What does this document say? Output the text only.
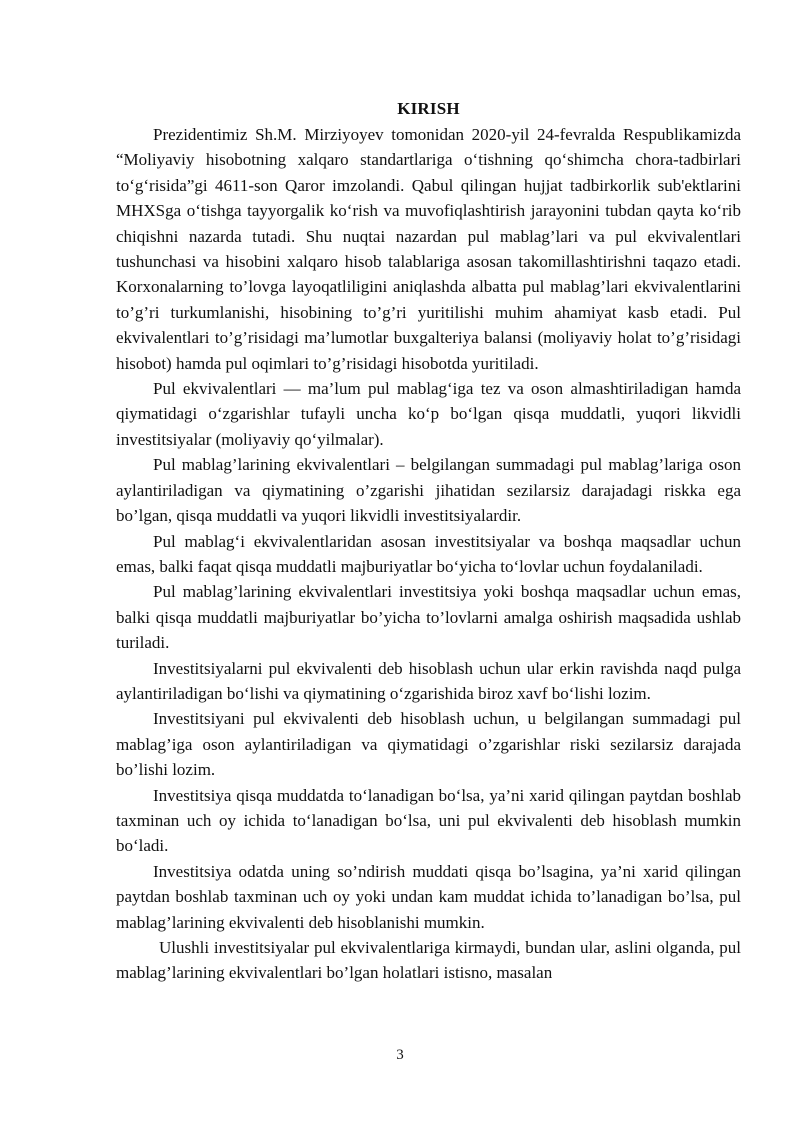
KIRISH

Prezidentimiz Sh.M. Mirziyoyev tomonidan 2020-yil 24-fevralda Respublikamizda “Moliyaviy hisobotning xalqaro standartlariga o‘tishning qo‘shimcha chora-tadbirlari to‘g‘risida”gi 4611-son Qaror imzolandi. Qabul qilingan hujjat tadbirkorlik sub'ektlarini MHXSga o‘tishga tayyorgalik ko‘rish va muvofiqlashtirish jarayonini tubdan qayta ko‘rib chiqishni nazarda tutadi. Shu nuqtai nazardan pul mablag’lari va pul ekvivalentlari tushunchasi va hisobini xalqaro hisob talablariga asosan takomillashtirishni taqazo etadi. Korxonalarning to’lovga layoqatliligini aniqlashda albatta pul mablag’lari ekvivalentlarini to’g’ri turkumlanishi, hisobining to’g’ri yuritilishi muhim ahamiyat kasb etadi. Pul ekvivalentlari to’g’risidagi ma’lumotlar buxgalteriya balansi (moliyaviy holat to’g’risidagi hisobot) hamda pul oqimlari to’g’risidagi hisobotda yuritiladi.

Pul ekvivalentlari — ma’lum pul mablag‘iga tez va oson almashtiriladigan hamda qiymatidagi o‘zgarishlar tufayli uncha ko‘p bo‘lgan qisqa muddatli, yuqori likvidli investitsiyalar (moliyaviy qo‘yilmalar).

Pul mablag’larining ekvivalentlari – belgilangan summadagi pul mablag’lariga oson aylantiriladigan va qiymatining o’zgarishi jihatidan sezilarsiz darajadagi riskka ega bo’lgan, qisqa muddatli va yuqori likvidli investitsiyalardir.

Pul mablag‘i ekvivalentlaridan asosan investitsiyalar va boshqa maqsadlar uchun emas, balki faqat qisqa muddatli majburiyatlar bo‘yicha to‘lovlar uchun foydalaniladi.

Pul mablag’larining ekvivalentlari investitsiya yoki boshqa maqsadlar uchun emas, balki qisqa muddatli majburiyatlar bo’yicha to’lovlarni amalga oshirish maqsadida ushlab turiladi.

Investitsiyalarni pul ekvivalenti deb hisoblash uchun ular erkin ravishda naqd pulga aylantiriladigan bo‘lishi va qiymatining o‘zgarishida biroz xavf bo‘lishi lozim.

Investitsiyani pul ekvivalenti deb hisoblash uchun, u belgilangan summadagi pul mablag’iga oson aylantiriladigan va qiymatidagi o’zgarishlar riski sezilarsiz darajada bo’lishi lozim.

Investitsiya qisqa muddatda to‘lanadigan bo‘lsa, ya’ni xarid qilingan paytdan boshlab taxminan uch oy ichida to‘lanadigan bo‘lsa, uni pul ekvivalenti deb hisoblash mumkin bo‘ladi.

Investitsiya odatda uning so’ndirish muddati qisqa bo’lsagina, ya’ni xarid qilingan paytdan boshlab taxminan uch oy yoki undan kam muddat ichida to’lanadigan bo’lsa, pul mablag’larining ekvivalenti deb hisoblanishi mumkin.

Ulushli investitsiyalar pul ekvivalentlariga kirmaydi, bundan ular, aslini olganda, pul mablag’larining ekvivalentlari bo’lgan holatlari istisno, masalan

3
